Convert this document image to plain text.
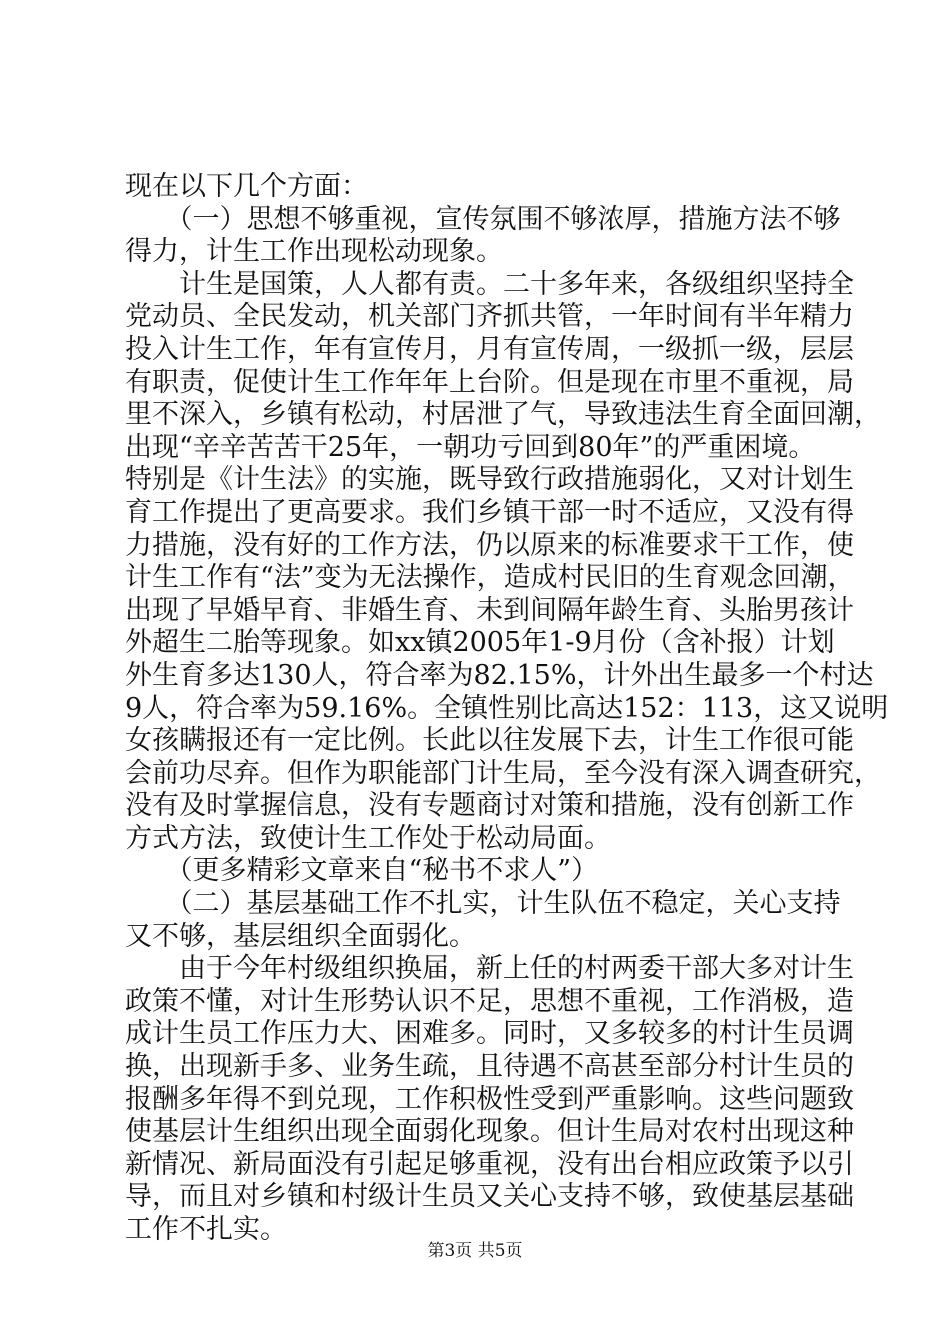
现在以下几个方面：
　　（一）思想不够重视，宣传氛围不够浓厚，措施方法不够
得力，计生工作出现松动现象。
　　计生是国策，人人都有责。二十多年来，各级组织坚持全
党动员、全民发动，机关部门齐抓共管，一年时间有半年精力
投入计生工作，年有宣传月，月有宣传周，一级抓一级，层层
有职责，促使计生工作年年上台阶。但是现在市里不重视，局
里不深入，乡镇有松动，村居泄了气，导致违法生育全面回潮，
出现“辛辛苦苦干25年，一朝功亏回到80年”的严重困境。
特别是《计生法》的实施，既导致行政措施弱化，又对计划生
育工作提出了更高要求。我们乡镇干部一时不适应，又没有得
力措施，没有好的工作方法，仍以原来的标准要求干工作，使
计生工作有“法”变为无法操作，造成村民旧的生育观念回潮，
出现了早婚早育、非婚生育、未到间隔年龄生育、头胎男孩计
外超生二胎等现象。如xx镇2005年1-9月份（含补报）计划
外生育多达130人，符合率为82.15%，计外出生最多一个村达
9人，符合率为59.16%。全镇性别比高达152：113，这又说明
女孩瞒报还有一定比例。长此以往发展下去，计生工作很可能
会前功尽弃。但作为职能部门计生局，至今没有深入调查研究，
没有及时掌握信息，没有专题商讨对策和措施，没有创新工作
方式方法，致使计生工作处于松动局面。
　　（更多精彩文章来自“秘书不求人”）
　　（二）基层基础工作不扎实，计生队伍不稳定，关心支持
又不够，基层组织全面弱化。
　　由于今年村级组织换届，新上任的村两委干部大多对计生
政策不懂，对计生形势认识不足，思想不重视，工作消极，造
成计生员工作压力大、困难多。同时，又多较多的村计生员调
换，出现新手多、业务生疏，且待遇不高甚至部分村计生员的
报酬多年得不到兑现，工作积极性受到严重影响。这些问题致
使基层计生组织出现全面弱化现象。但计生局对农村出现这种
新情况、新局面没有引起足够重视，没有出台相应政策予以引
导，而且对乡镇和村级计生员又关心支持不够，致使基层基础
工作不扎实。
第3页 共5页
